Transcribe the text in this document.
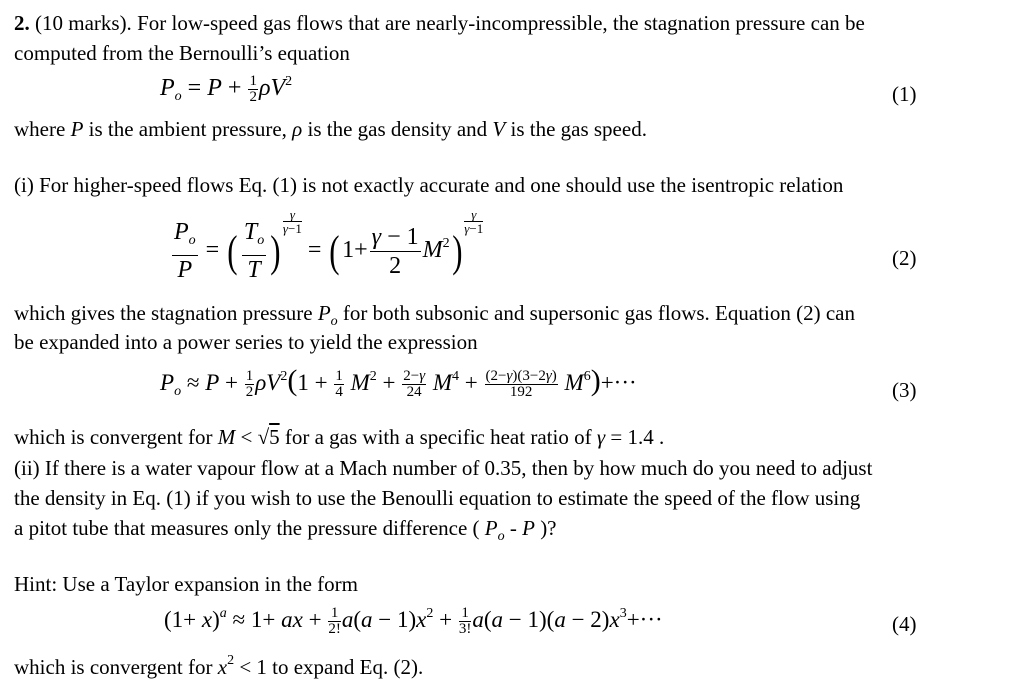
2. (10 marks). For low-speed gas flows that are nearly-incompressible, the stagnation pressure can be
computed from the Bernoulli’s equation
$P_o = P + \frac{1}{2} \rho V^2$
(1)
where P is the ambient pressure, ρ is the gas density and V is the gas speed.
(i) For higher-speed flows Eq. (1) is not exactly accurate and one should use the isentropic relation
$\frac{P_o}{P}$ = ( $\frac{T_o}{T}$ )
$\frac{\gamma}{\gamma-1} = (1+ \frac{\gamma - 1}{2} M^2)$
$\frac{\gamma}{\gamma-1}$
(2)
which gives the stagnation pressure $P_o$ for both subsonic and supersonic gas flows. Equation (2) can
be expanded into a power series to yield the expression
$P_o \approx P + \frac{1}{2} \rho V^2(1 + \frac{1}{4} M^2 + \frac{2-\gamma}{24} M^4 + \frac{(2-\gamma)(3-2\gamma)}{192} M^6)+\cdot\cdot\cdot$	(3)
which is convergent for M < √5 for a gas with a specific heat ratio of γ = 1.4 .
(ii) If there is a water vapour flow at a Mach number of 0.35, then by how much do you need to adjust
the density in Eq. (1) if you wish to use the Benoulli equation to estimate the speed of the flow using
a pitot tube that measures only the pressure difference ( $P_o$ - P )?
Hint: Use a Taylor expansion in the form
$(1+ x)^a \approx 1+$ ax + $\frac{1}{2!} a(a - 1)x^2 + \frac{1}{3!} a(a - 1)(a - 2)x^3+\cdot\cdot\cdot$	(4)
which is convergent for $x^2 < 1$ to expand Eq. (2).
